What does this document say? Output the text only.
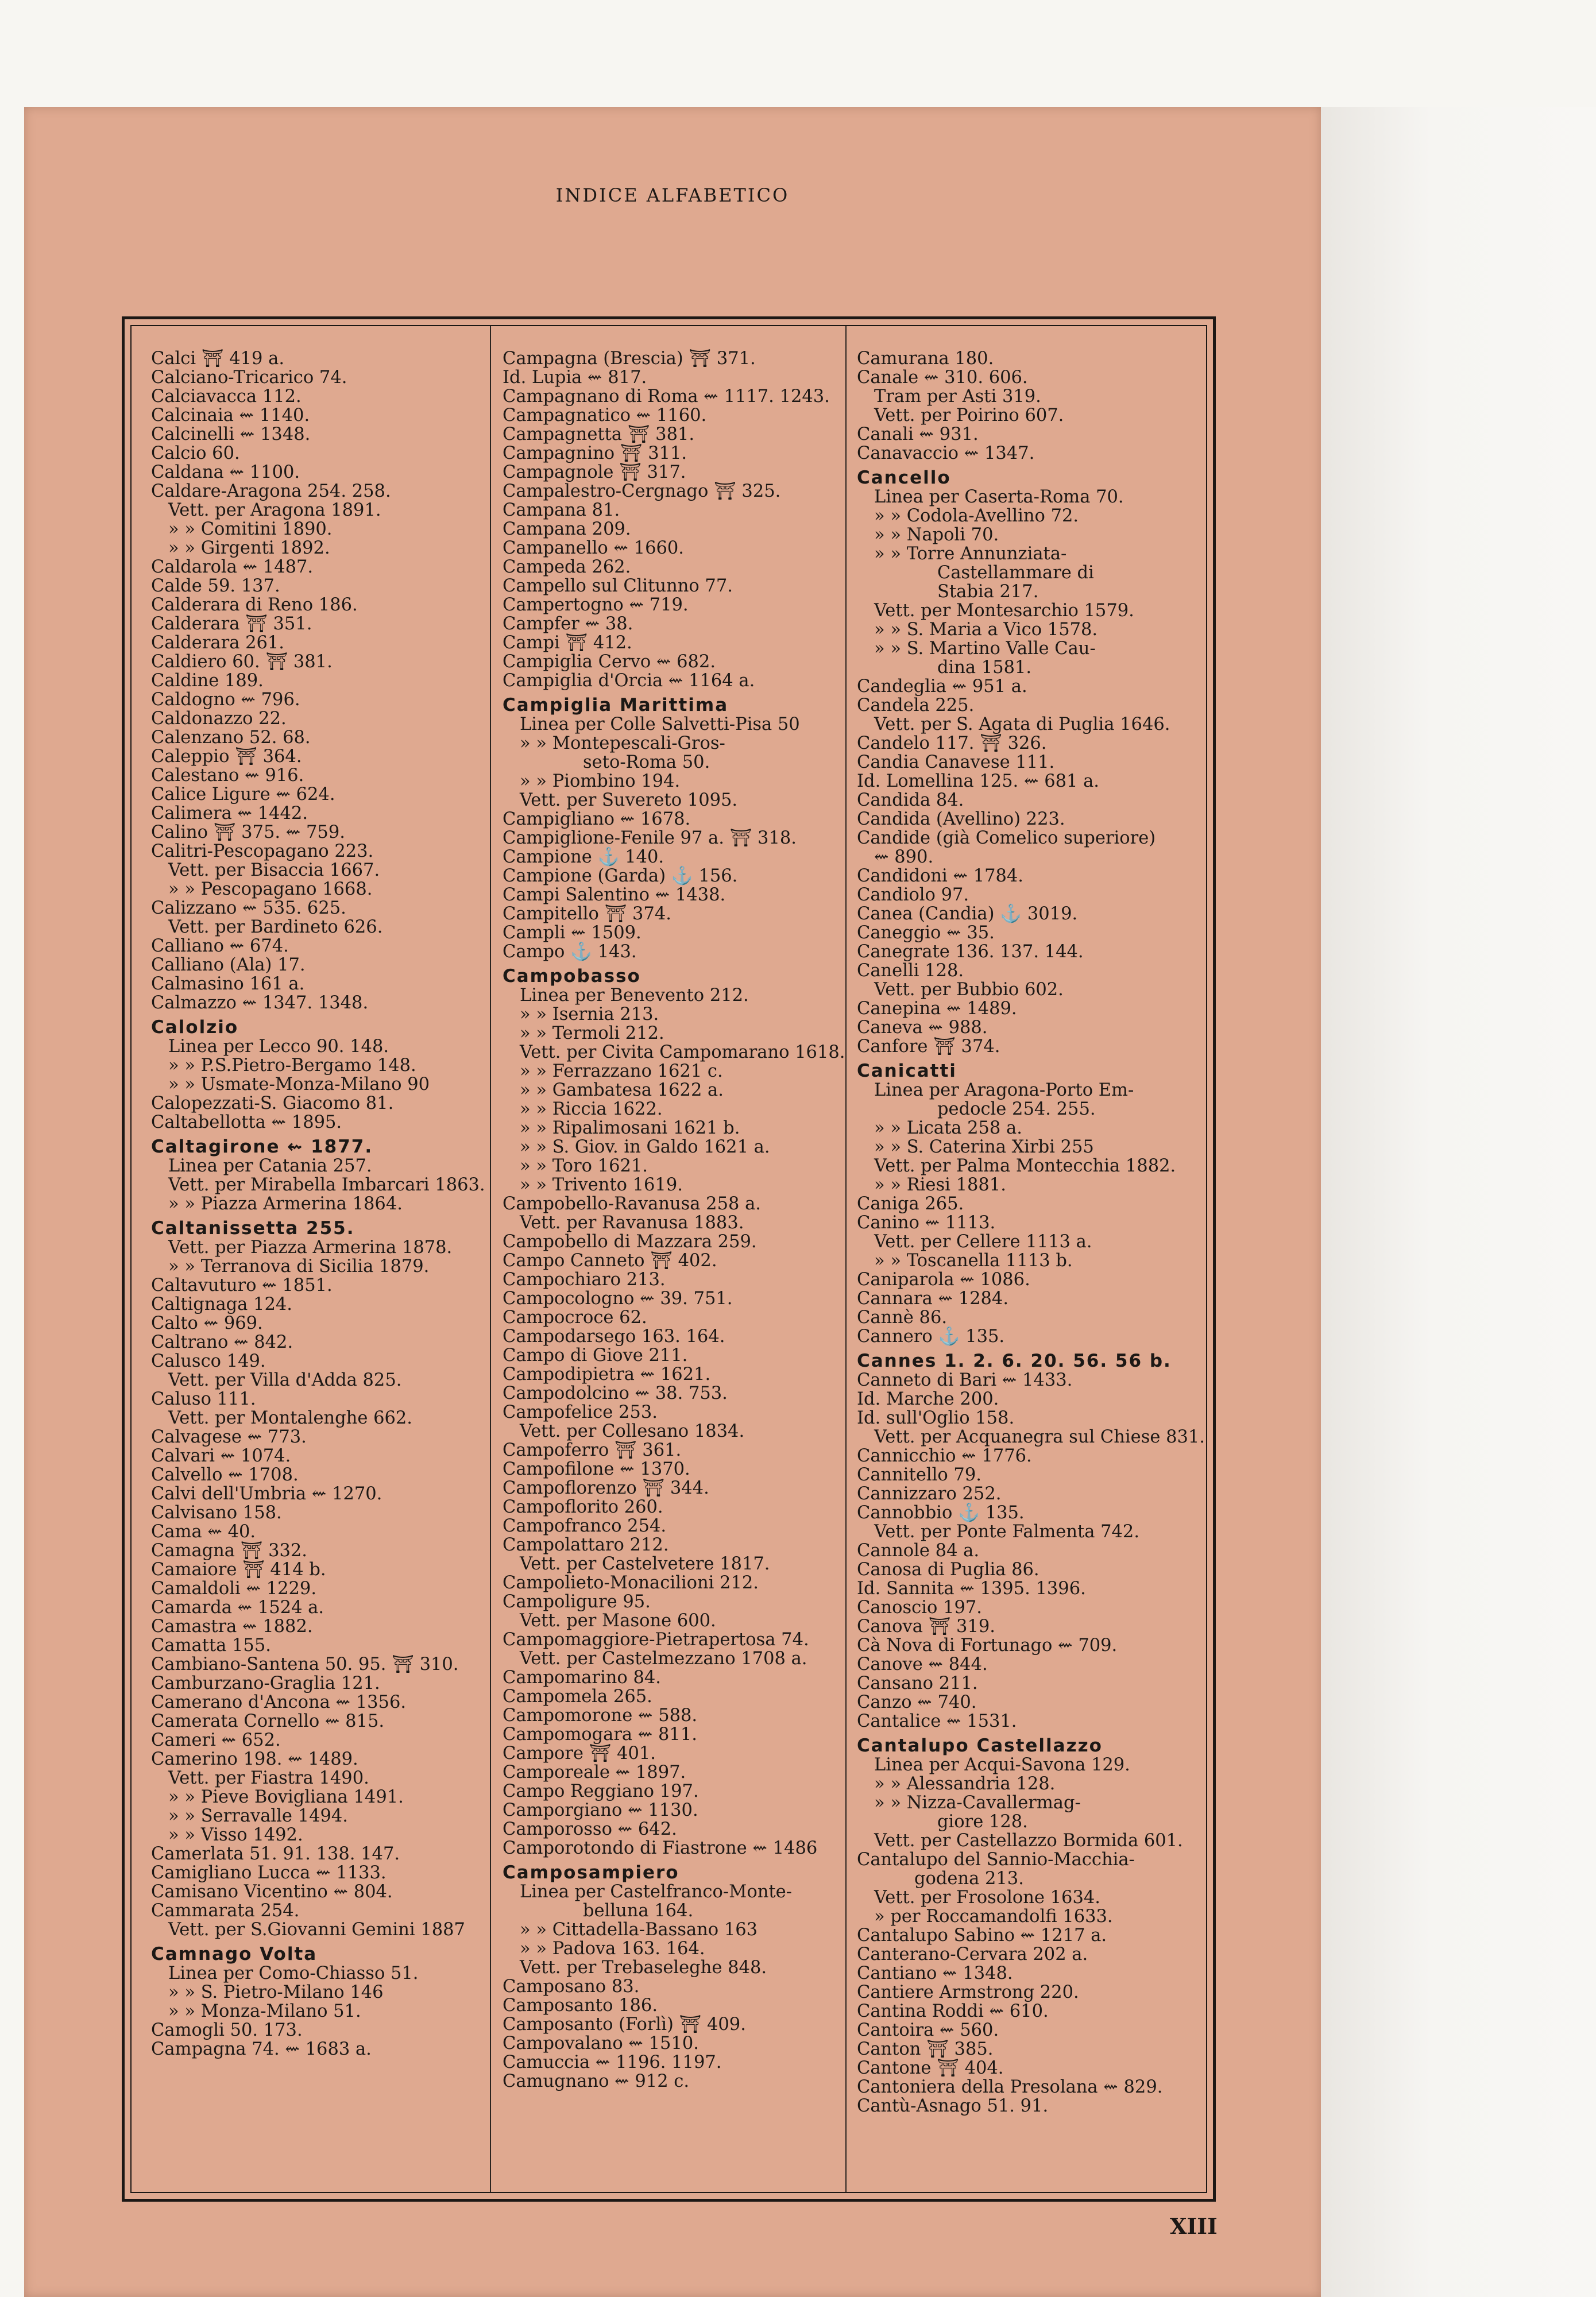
INDICE ALFABETICO
Calci ⛩ 419 a.
Calciano-Tricarico 74.
Calciavacca 112.
Calcinaia ⇜ 1140.
Calcinelli ⇜ 1348.
Calcio 60.
Caldana ⇜ 1100.
Caldare-Aragona 254. 258.
Vett. per Aragona 1891.
» » Comitini 1890.
» » Girgenti 1892.
Caldarola ⇜ 1487.
Calde 59. 137.
Calderara di Reno 186.
Calderara ⛩ 351.
Calderara 261.
Caldiero 60. ⛩ 381.
Caldine 189.
Caldogno ⇜ 796.
Caldonazzo 22.
Calenzano 52. 68.
Caleppio ⛩ 364.
Calestano ⇜ 916.
Calice Ligure ⇜ 624.
Calimera ⇜ 1442.
Calino ⛩ 375. ⇜ 759.
Calitri-Pescopagano 223.
Vett. per Bisaccia 1667.
» » Pescopagano 1668.
Calizzano ⇜ 535. 625.
Vett. per Bardineto 626.
Calliano ⇜ 674.
Calliano (Ala) 17.
Calmasino 161 a.
Calmazzo ⇜ 1347. 1348.
Calolzio
Linea per Lecco 90. 148.
» » P.S.Pietro-Bergamo 148.
» » Usmate-Monza-Milano 90
Calopezzati-S. Giacomo 81.
Caltabellotta ⇜ 1895.
Caltagirone ⇜ 1877.
Linea per Catania 257.
Vett. per Mirabella Imbarcari 1863.
» » Piazza Armerina 1864.
Caltanissetta 255.
Vett. per Piazza Armerina 1878.
» » Terranova di Sicilia 1879.
Caltavuturo ⇜ 1851.
Caltignaga 124.
Calto ⇜ 969.
Caltrano ⇜ 842.
Calusco 149.
Vett. per Villa d'Adda 825.
Caluso 111.
Vett. per Montalenghe 662.
Calvagese ⇜ 773.
Calvari ⇜ 1074.
Calvello ⇜ 1708.
Calvi dell'Umbria ⇜ 1270.
Calvisano 158.
Cama ⇜ 40.
Camagna ⛩ 332.
Camaiore ⛩ 414 b.
Camaldoli ⇜ 1229.
Camarda ⇜ 1524 a.
Camastra ⇜ 1882.
Camatta 155.
Cambiano-Santena 50. 95. ⛩ 310.
Camburzano-Graglia 121.
Camerano d'Ancona ⇜ 1356.
Camerata Cornello ⇜ 815.
Cameri ⇜ 652.
Camerino 198. ⇜ 1489.
Vett. per Fiastra 1490.
» » Pieve Bovigliana 1491.
» » Serravalle 1494.
» » Visso 1492.
Camerlata 51. 91. 138. 147.
Camigliano Lucca ⇜ 1133.
Camisano Vicentino ⇜ 804.
Cammarata 254.
Vett. per S.Giovanni Gemini 1887
Camnago Volta
Linea per Como-Chiasso 51.
» » S. Pietro-Milano 146
» » Monza-Milano 51.
Camogli 50. 173.
Campagna 74. ⇜ 1683 a.
Campagna (Brescia) ⛩ 371.
Id. Lupia ⇜ 817.
Campagnano di Roma ⇜ 1117. 1243.
Campagnatico ⇜ 1160.
Campagnetta ⛩ 381.
Campagnino ⛩ 311.
Campagnole ⛩ 317.
Campalestro-Cergnago ⛩ 325.
Campana 81.
Campana 209.
Campanello ⇜ 1660.
Campeda 262.
Campello sul Clitunno 77.
Campertogno ⇜ 719.
Campfer ⇜ 38.
Campi ⛩ 412.
Campiglia Cervo ⇜ 682.
Campiglia d'Orcia ⇜ 1164 a.
Campiglia Marittima
Linea per Colle Salvetti-Pisa 50
» » Montepescali-Gros-
seto-Roma 50.
» » Piombino 194.
Vett. per Suvereto 1095.
Campigliano ⇜ 1678.
Campiglione-Fenile 97 a. ⛩ 318.
Campione ⚓ 140.
Campione (Garda) ⚓ 156.
Campi Salentino ⇜ 1438.
Campitello ⛩ 374.
Campli ⇜ 1509.
Campo ⚓ 143.
Campobasso
Linea per Benevento 212.
» » Isernia 213.
» » Termoli 212.
Vett. per Civita Campomarano 1618.
» » Ferrazzano 1621 c.
» » Gambatesa 1622 a.
» » Riccia 1622.
» » Ripalimosani 1621 b.
» » S. Giov. in Galdo 1621 a.
» » Toro 1621.
» » Trivento 1619.
Campobello-Ravanusa 258 a.
Vett. per Ravanusa 1883.
Campobello di Mazzara 259.
Campo Canneto ⛩ 402.
Campochiaro 213.
Campocologno ⇜ 39. 751.
Campocroce 62.
Campodarsego 163. 164.
Campo di Giove 211.
Campodipietra ⇜ 1621.
Campodolcino ⇜ 38. 753.
Campofelice 253.
Vett. per Collesano 1834.
Campoferro ⛩ 361.
Campofilone ⇜ 1370.
Campoflorenzo ⛩ 344.
Campoflorito 260.
Campofranco 254.
Campolattaro 212.
Vett. per Castelvetere 1817.
Campolieto-Monacilioni 212.
Campoligure 95.
Vett. per Masone 600.
Campomaggiore-Pietrapertosa 74.
Vett. per Castelmezzano 1708 a.
Campomarino 84.
Campomela 265.
Campomorone ⇜ 588.
Campomogara ⇜ 811.
Campore ⛩ 401.
Camporeale ⇜ 1897.
Campo Reggiano 197.
Camporgiano ⇜ 1130.
Camporosso ⇜ 642.
Camporotondo di Fiastrone ⇜ 1486
Camposampiero
Linea per Castelfranco-Monte-
belluna 164.
» » Cittadella-Bassano 163
» » Padova 163. 164.
Vett. per Trebaseleghe 848.
Camposano 83.
Camposanto 186.
Camposanto (Forlì) ⛩ 409.
Campovalano ⇜ 1510.
Camuccia ⇜ 1196. 1197.
Camugnano ⇜ 912 c.
Camurana 180.
Canale ⇜ 310. 606.
Tram per Asti 319.
Vett. per Poirino 607.
Canali ⇜ 931.
Canavaccio ⇜ 1347.
Cancello
Linea per Caserta-Roma 70.
» » Codola-Avellino 72.
» » Napoli 70.
» » Torre Annunziata-
Castellammare di
Stabia 217.
Vett. per Montesarchio 1579.
» » S. Maria a Vico 1578.
» » S. Martino Valle Cau-
dina 1581.
Candeglia ⇜ 951 a.
Candela 225.
Vett. per S. Agata di Puglia 1646.
Candelo 117. ⛩ 326.
Candia Canavese 111.
Id. Lomellina 125. ⇜ 681 a.
Candida 84.
Candida (Avellino) 223.
Candide (già Comelico superiore)
⇜ 890.
Candidoni ⇜ 1784.
Candiolo 97.
Canea (Candia) ⚓ 3019.
Caneggio ⇜ 35.
Canegrate 136. 137. 144.
Canelli 128.
Vett. per Bubbio 602.
Canepina ⇜ 1489.
Caneva ⇜ 988.
Canfore ⛩ 374.
Canicatti
Linea per Aragona-Porto Em-
pedocle 254. 255.
» » Licata 258 a.
» » S. Caterina Xirbi 255
Vett. per Palma Montecchia 1882.
» » Riesi 1881.
Caniga 265.
Canino ⇜ 1113.
Vett. per Cellere 1113 a.
» » Toscanella 1113 b.
Caniparola ⇜ 1086.
Cannara ⇜ 1284.
Cannè 86.
Cannero ⚓ 135.
Cannes 1. 2. 6. 20. 56. 56 b.
Canneto di Bari ⇜ 1433.
Id. Marche 200.
Id. sull'Oglio 158.
Vett. per Acquanegra sul Chiese 831.
Cannicchio ⇜ 1776.
Cannitello 79.
Cannizzaro 252.
Cannobbio ⚓ 135.
Vett. per Ponte Falmenta 742.
Cannole 84 a.
Canosa di Puglia 86.
Id. Sannita ⇜ 1395. 1396.
Canoscio 197.
Canova ⛩ 319.
Cà Nova di Fortunago ⇜ 709.
Canove ⇜ 844.
Cansano 211.
Canzo ⇜ 740.
Cantalice ⇜ 1531.
Cantalupo Castellazzo
Linea per Acqui-Savona 129.
» » Alessandria 128.
» » Nizza-Cavallermag-
giore 128.
Vett. per Castellazzo Bormida 601.
Cantalupo del Sannio-Macchia-
godena 213.
Vett. per Frosolone 1634.
» per Roccamandolfi 1633.
Cantalupo Sabino ⇜ 1217 a.
Canterano-Cervara 202 a.
Cantiano ⇜ 1348.
Cantiere Armstrong 220.
Cantina Roddi ⇜ 610.
Cantoira ⇜ 560.
Canton ⛩ 385.
Cantone ⛩ 404.
Cantoniera della Presolana ⇜ 829.
Cantù-Asnago 51. 91.
XIII
